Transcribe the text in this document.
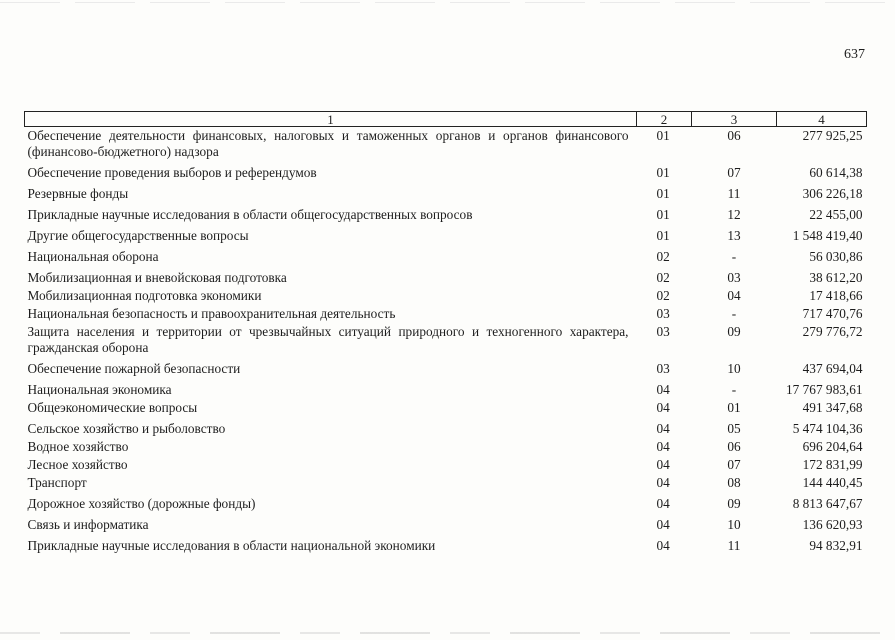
637
1	2	3	4
Обеспечение деятельности финансовых, налоговых и таможенных органов и органов финансового (финансово-бюджетного) надзора	01	06	277 925,25
Обеспечение проведения выборов и референдумов	01	07	60 614,38
Резервные фонды	01	11	306 226,18
Прикладные научные исследования в области общегосударственных вопросов	01	12	22 455,00
Другие общегосударственные вопросы	01	13	1 548 419,40
Национальная оборона	02	-	56 030,86
Мобилизационная и вневойсковая подготовка	02	03	38 612,20
Мобилизационная подготовка экономики	02	04	17 418,66
Национальная безопасность и правоохранительная деятельность	03	-	717 470,76
Защита населения и территории от чрезвычайных ситуаций природного и техногенного характера, гражданская оборона	03	09	279 776,72
Обеспечение пожарной безопасности	03	10	437 694,04
Национальная экономика	04	-	17 767 983,61
Общеэкономические вопросы	04	01	491 347,68
Сельское хозяйство и рыболовство	04	05	5 474 104,36
Водное хозяйство	04	06	696 204,64
Лесное хозяйство	04	07	172 831,99
Транспорт	04	08	144 440,45
Дорожное хозяйство (дорожные фонды)	04	09	8 813 647,67
Связь и информатика	04	10	136 620,93
Прикладные научные исследования в области национальной экономики	04	11	94 832,91
